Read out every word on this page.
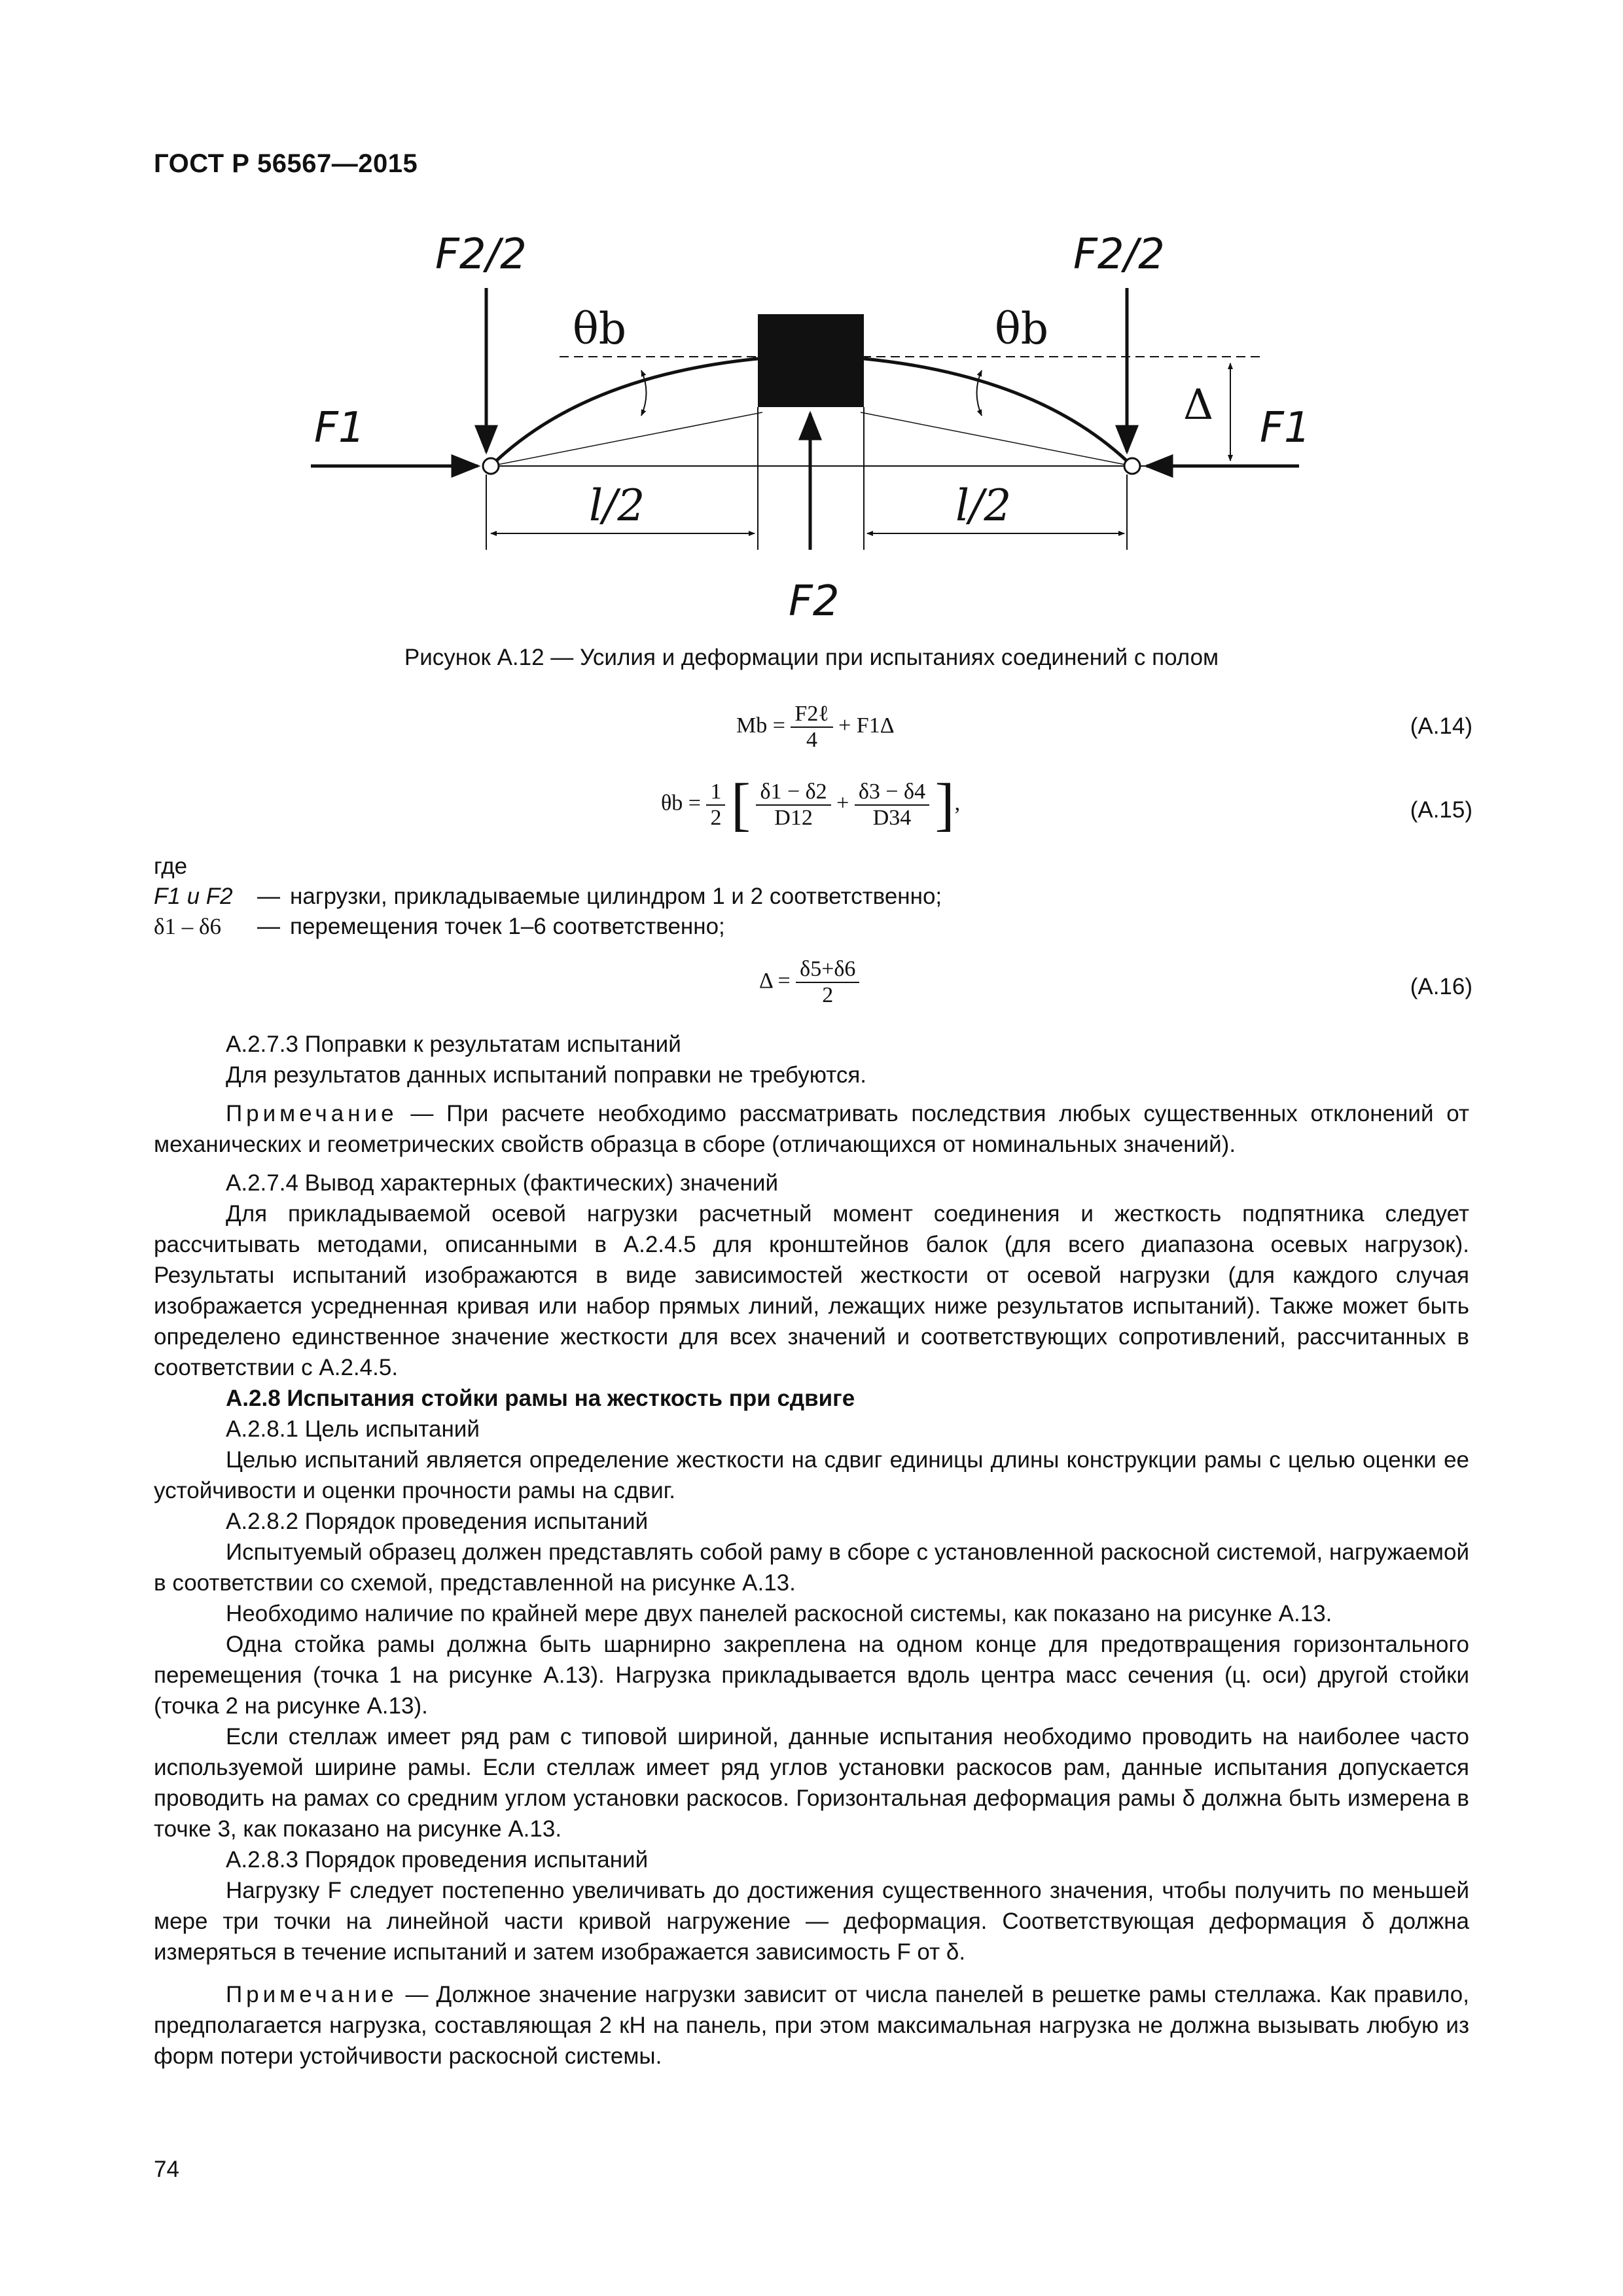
ГОСТ Р 56567—2015
F2/2	F2/2
θb	θb
F1	F1
Δ
l/2	l/2
F2
Рисунок А.12 — Усилия и деформации при испытаниях соединений с полом
$Mb = \frac{\text{F2ℓ}}{4} + F1\Delta$	(А.14)
$\theta b = \frac{1}{2}$ [ $\frac{\delta 1 - \delta 2}{D12} + \frac{\delta 3 - \delta 4}{D34}$ ],	(А.15)
где
F1 и F2	— нагрузки, прикладываемые цилиндром 1 и 2 соответственно;
δ1 – δ6	— перемещения точек 1–6 соответственно;
$\Delta = \frac{\delta 5+\delta 6}{2}$	(А.16)

А.2.7.3 Поправки к результатам испытаний

Для результатов данных испытаний поправки не требуются.

Примечание — При расчете необходимо рассматривать последствия любых существенных отклонений от механических и геометрических свойств образца в сборе (отличающихся от номинальных значений).

А.2.7.4 Вывод характерных (фактических) значений

Для прикладываемой осевой нагрузки расчетный момент соединения и жесткость подпятника следует рассчитывать методами, описанными в А.2.4.5 для кронштейнов балок (для всего диапазона осевых нагрузок). Результаты испытаний изображаются в виде зависимостей жесткости от осевой нагрузки (для каждого случая изображается усредненная кривая или набор прямых линий, лежащих ниже результатов испытаний). Также может быть определено единственное значение жесткости для всех значений и соответствующих сопротивлений, рассчитанных в соответствии с А.2.4.5.

А.2.8 Испытания стойки рамы на жесткость при сдвиге

А.2.8.1 Цель испытаний

Целью испытаний является определение жесткости на сдвиг единицы длины конструкции рамы с целью оценки ее устойчивости и оценки прочности рамы на сдвиг.

А.2.8.2 Порядок проведения испытаний

Испытуемый образец должен представлять собой раму в сборе с установленной раскосной системой, нагружаемой в соответствии со схемой, представленной на рисунке А.13.

Необходимо наличие по крайней мере двух панелей раскосной системы, как показано на рисунке А.13.

Одна стойка рамы должна быть шарнирно закреплена на одном конце для предотвращения горизонтального перемещения (точка 1 на рисунке А.13). Нагрузка прикладывается вдоль центра масс сечения (ц. оси) другой стойки (точка 2 на рисунке А.13).

Если стеллаж имеет ряд рам с типовой шириной, данные испытания необходимо проводить на наиболее часто используемой ширине рамы. Если стеллаж имеет ряд углов установки раскосов рам, данные испытания допускается проводить на рамах со средним углом установки раскосов. Горизонтальная деформация рамы δ должна быть измерена в точке 3, как показано на рисунке А.13.

А.2.8.3 Порядок проведения испытаний

Нагрузку F следует постепенно увеличивать до достижения существенного значения, чтобы получить по меньшей мере три точки на линейной части кривой нагружение — деформация. Соответствующая деформация δ должна измеряться в течение испытаний и затем изображается зависимость F от δ.

Примечание — Должное значение нагрузки зависит от числа панелей в решетке рамы стеллажа. Как правило, предполагается нагрузка, составляющая 2 кН на панель, при этом максимальная нагрузка не должна вызывать любую из форм потери устойчивости раскосной системы.

74
